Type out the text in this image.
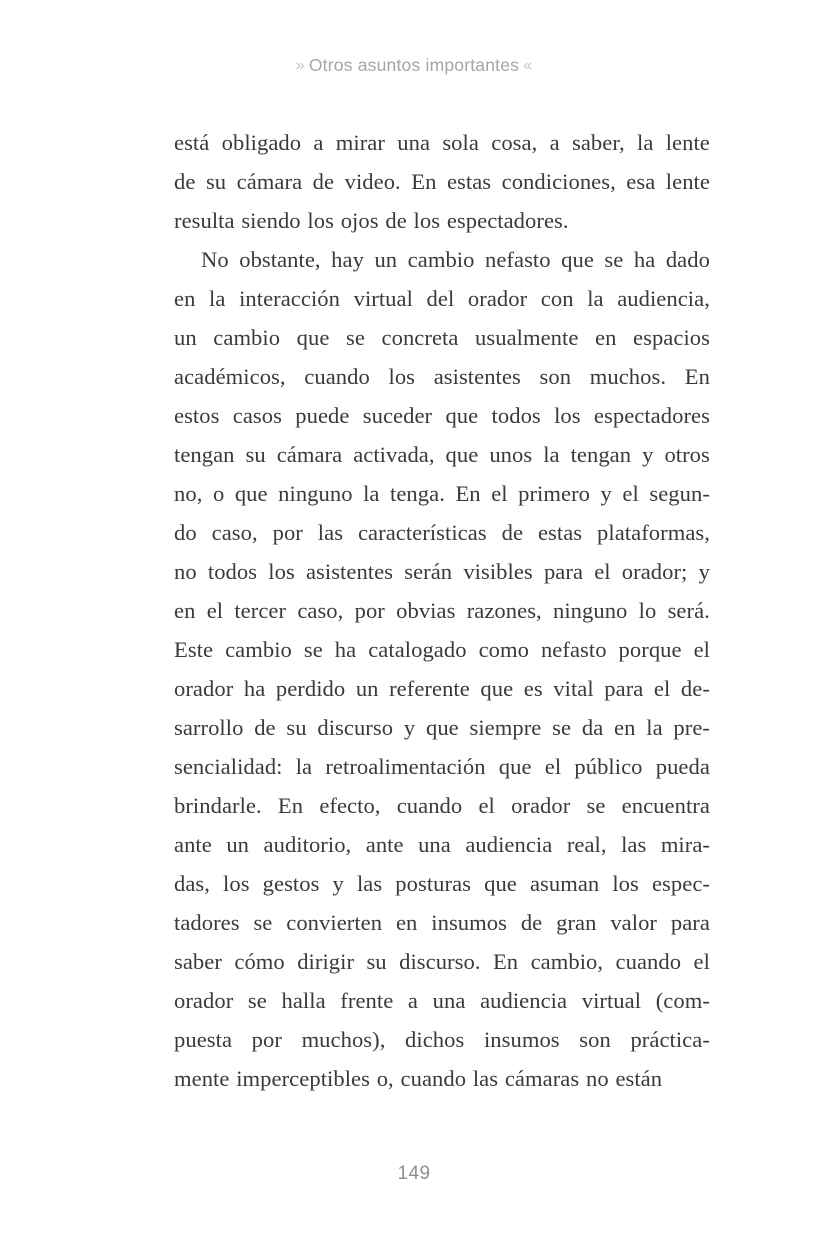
» Otros asuntos importantes «
está obligado a mirar una sola cosa, a saber, la lente
de su cámara de video. En estas condiciones, esa lente
resulta siendo los ojos de los espectadores.
No obstante, hay un cambio nefasto que se ha dado
en la interacción virtual del orador con la audiencia,
un cambio que se concreta usualmente en espacios
académicos, cuando los asistentes son muchos. En
estos casos puede suceder que todos los espectadores
tengan su cámara activada, que unos la tengan y otros
no, o que ninguno la tenga. En el primero y el segun-
do caso, por las características de estas plataformas,
no todos los asistentes serán visibles para el orador; y
en el tercer caso, por obvias razones, ninguno lo será.
Este cambio se ha catalogado como nefasto porque el
orador ha perdido un referente que es vital para el de-
sarrollo de su discurso y que siempre se da en la pre-
sencialidad: la retroalimentación que el público pueda
brindarle. En efecto, cuando el orador se encuentra
ante un auditorio, ante una audiencia real, las mira-
das, los gestos y las posturas que asuman los espec-
tadores se convierten en insumos de gran valor para
saber cómo dirigir su discurso. En cambio, cuando el
orador se halla frente a una audiencia virtual (com-
puesta por muchos), dichos insumos son práctica-
mente imperceptibles o, cuando las cámaras no están
149
